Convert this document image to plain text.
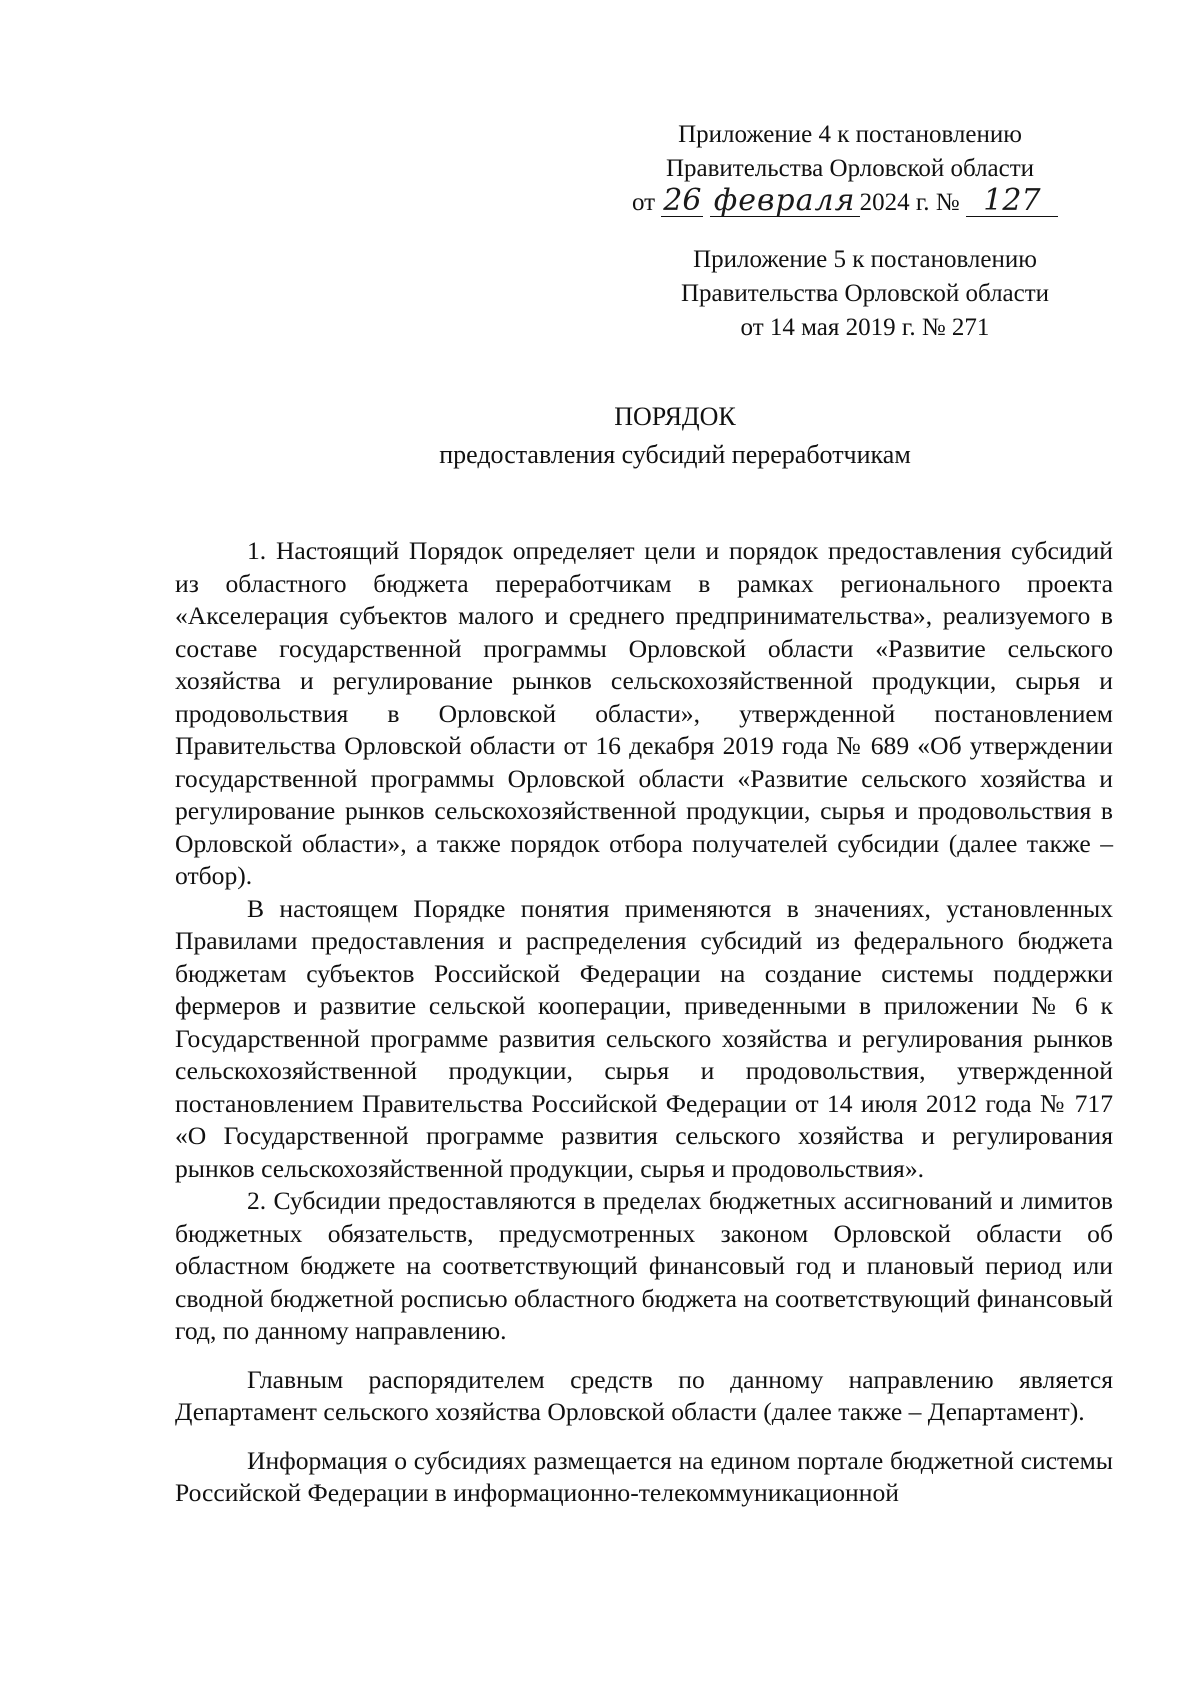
Приложение 4 к постановлению
Правительства Орловской области
от 26 февраля 2024 г. № 127
Приложение 5 к постановлению
Правительства Орловской области
от 14 мая 2019 г. № 271
ПОРЯДОК
предоставления субсидий переработчикам

1. Настоящий Порядок определяет цели и порядок предоставления субсидий из областного бюджета переработчикам в рамках регионального проекта «Акселерация субъектов малого и среднего предпринимательства», реализуемого в составе государственной программы Орловской области «Развитие сельского хозяйства и регулирование рынков сельскохозяйственной продукции, сырья и продовольствия в Орловской области», утвержденной постановлением Правительства Орловской области от 16 декабря 2019 года № 689 «Об утверждении государственной программы Орловской области «Развитие сельского хозяйства и регулирование рынков сельскохозяйственной продукции, сырья и продовольствия в Орловской области», а также порядок отбора получателей субсидии (далее также – отбор).

В настоящем Порядке понятия применяются в значениях, установленных Правилами предоставления и распределения субсидий из федерального бюджета бюджетам субъектов Российской Федерации на создание системы поддержки фермеров и развитие сельской кооперации, приведенными в приложении № 6 к Государственной программе развития сельского хозяйства и регулирования рынков сельскохозяйственной продукции, сырья и продовольствия, утвержденной постановлением Правительства Российской Федерации от 14 июля 2012 года № 717 «О Государственной программе развития сельского хозяйства и регулирования рынков сельскохозяйственной продукции, сырья и продовольствия».

2. Субсидии предоставляются в пределах бюджетных ассигнований и лимитов бюджетных обязательств, предусмотренных законом Орловской области об областном бюджете на соответствующий финансовый год и плановый период или сводной бюджетной росписью областного бюджета на соответствующий финансовый год, по данному направлению.

Главным распорядителем средств по данному направлению является Департамент сельского хозяйства Орловской области (далее также – Департамент).

Информация о субсидиях размещается на едином портале бюджетной системы Российской Федерации в информационно-телекоммуникационной
